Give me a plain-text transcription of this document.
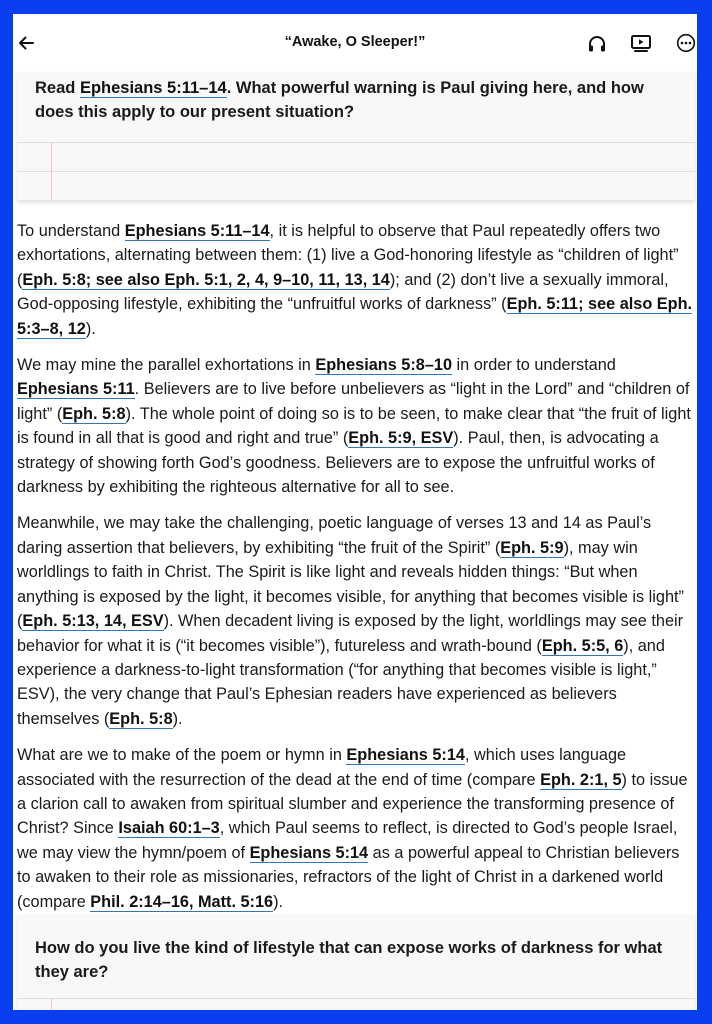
“Awake, O Sleeper!”
Read Ephesians 5:11–14. What powerful warning is Paul giving here, and how does this apply to our present situation?

To understand Ephesians 5:11–14, it is helpful to observe that Paul repeatedly offers two exhortations, alternating between them: (1) live a God-honoring lifestyle as “children of light” (Eph. 5:8; see also Eph. 5:1, 2, 4, 9–10, 11, 13, 14); and (2) don’t live a sexually immoral, God-opposing lifestyle, exhibiting the “unfruitful works of darkness” (Eph. 5:11; see also Eph. 5:3–8, 12).

We may mine the parallel exhortations in Ephesians 5:8–10 in order to understand Ephesians 5:11. Believers are to live before unbelievers as “light in the Lord” and “children of light” (Eph. 5:8). The whole point of doing so is to be seen, to make clear that “the fruit of light is found in all that is good and right and true” (Eph. 5:9, ESV). Paul, then, is advocating a strategy of showing forth God’s goodness. Believers are to expose the unfruitful works of darkness by exhibiting the righteous alternative for all to see.

Meanwhile, we may take the challenging, poetic language of verses 13 and 14 as Paul’s daring assertion that believers, by exhibiting “the fruit of the Spirit” (Eph. 5:9), may win worldlings to faith in Christ. The Spirit is like light and reveals hidden things: “But when anything is exposed by the light, it becomes visible, for anything that becomes visible is light” (Eph. 5:13, 14, ESV). When decadent living is exposed by the light, worldlings may see their behavior for what it is (“it becomes visible”), futureless and wrath-bound (Eph. 5:5, 6), and experience a darkness-to-light transformation (“for anything that becomes visible is light,” ESV), the very change that Paul’s Ephesian readers have experienced as believers themselves (Eph. 5:8).

What are we to make of the poem or hymn in Ephesians 5:14, which uses language associated with the resurrection of the dead at the end of time (compare Eph. 2:1, 5) to issue a clarion call to awaken from spiritual slumber and experience the transforming presence of Christ? Since Isaiah 60:1–3, which Paul seems to reflect, is directed to God’s people Israel, we may view the hymn/poem of Ephesians 5:14 as a powerful appeal to Christian believers to awaken to their role as missionaries, refractors of the light of Christ in a darkened world (compare Phil. 2:14–16, Matt. 5:16).

How do you live the kind of lifestyle that can expose works of darkness for what they are?
